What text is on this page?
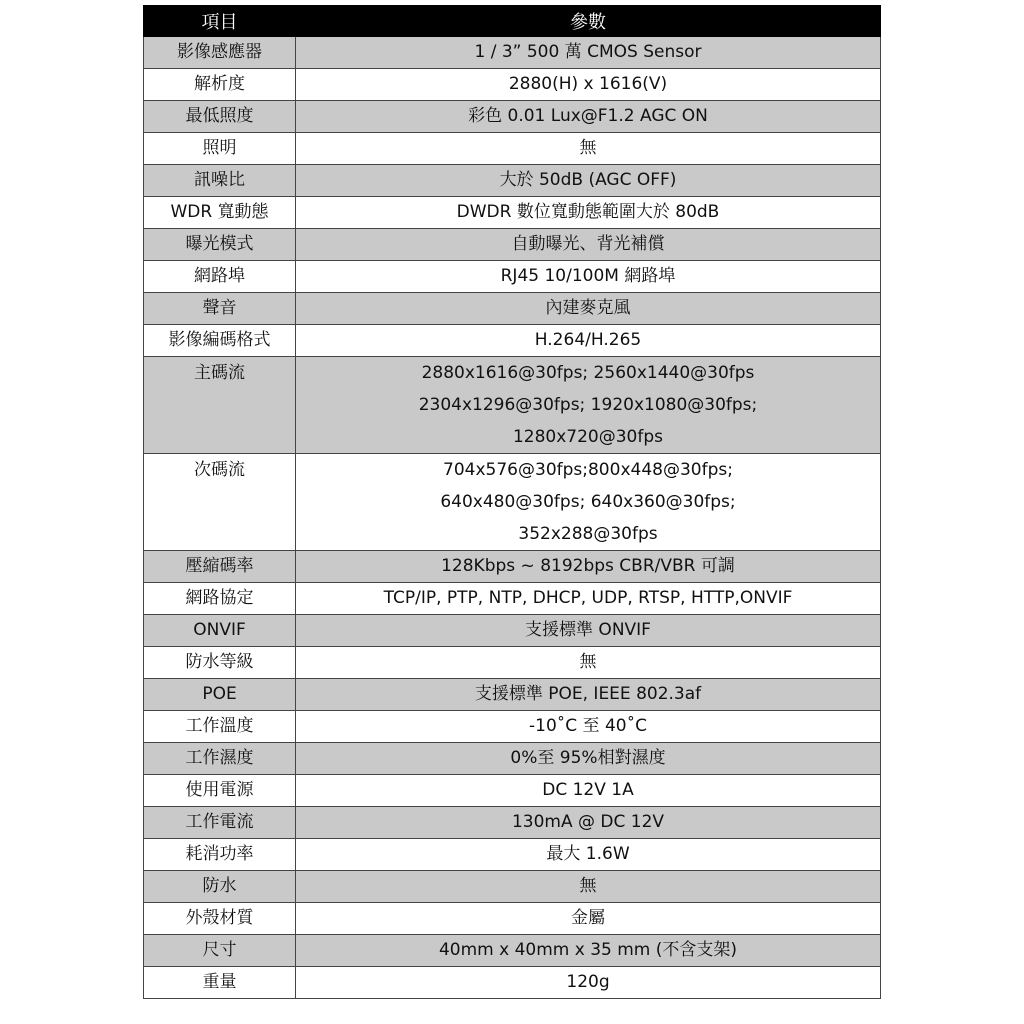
項目	參數
影像感應器	1 / 3” 500 萬 CMOS Sensor
解析度	2880(H) x 1616(V)
最低照度	彩色 0.01 Lux@F1.2 AGC ON
照明	無
訊噪比	大於 50dB (AGC OFF)
WDR 寬動態	DWDR 數位寬動態範圍大於 80dB
曝光模式	自動曝光、背光補償
網路埠	RJ45 10/100M 網路埠
聲音	內建麥克風
影像編碼格式	H.264/H.265
主碼流	2880x1616@30fps; 2560x1440@30fps
2304x1296@30fps; 1920x1080@30fps;
1280x720@30fps

次碼流	704x576@30fps;800x448@30fps;
640x480@30fps; 640x360@30fps;
352x288@30fps

壓縮碼率	128Kbps ~ 8192bps CBR/VBR 可調
網路協定	TCP/IP, PTP, NTP, DHCP, UDP, RTSP, HTTP,ONVIF
ONVIF	支援標準 ONVIF
防水等級	無
POE	支援標準 POE, IEEE 802.3af
工作溫度	-10˚C 至 40˚C
工作濕度	0%至 95%相對濕度
使用電源	DC 12V 1A
工作電流	130mA @ DC 12V
耗消功率	最大 1.6W
防水	無
外殼材質	金屬
尺寸	40mm x 40mm x 35 mm (不含支架)
重量	120g
